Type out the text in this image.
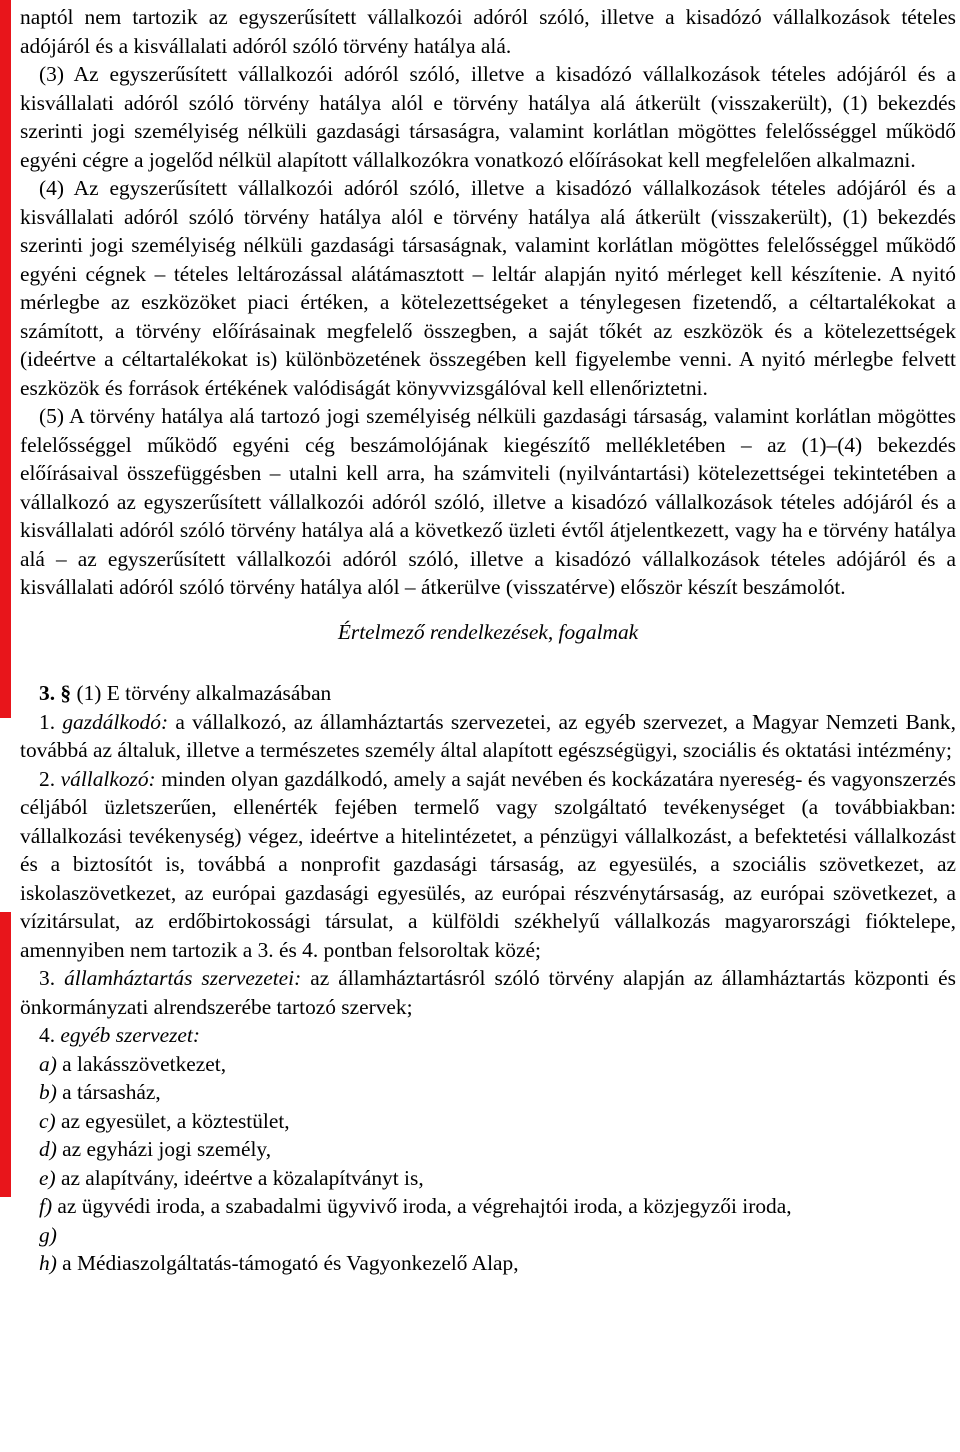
naptól nem tartozik az egyszerűsített vállalkozói adóról szóló, illetve a kisadózó vállalkozások tételes adójáról és a kisvállalati adóról szóló törvény hatálya alá.

(3) Az egyszerűsített vállalkozói adóról szóló, illetve a kisadózó vállalkozások tételes adójáról és a kisvállalati adóról szóló törvény hatálya alól e törvény hatálya alá átkerült (visszakerült), (1) bekezdés szerinti jogi személyiség nélküli gazdasági társaságra, valamint korlátlan mögöttes felelősséggel működő egyéni cégre a jogelőd nélkül alapított vállalkozókra vonatkozó előírásokat kell megfelelően alkalmazni.

(4) Az egyszerűsített vállalkozói adóról szóló, illetve a kisadózó vállalkozások tételes adójáról és a kisvállalati adóról szóló törvény hatálya alól e törvény hatálya alá átkerült (visszakerült), (1) bekezdés szerinti jogi személyiség nélküli gazdasági társaságnak, valamint korlátlan mögöttes felelősséggel működő egyéni cégnek – tételes leltározással alátámasztott – leltár alapján nyitó mérleget kell készítenie. A nyitó mérlegbe az eszközöket piaci értéken, a kötelezettségeket a ténylegesen fizetendő, a céltartalékokat a számított, a törvény előírásainak megfelelő összegben, a saját tőkét az eszközök és a kötelezettségek (ideértve a céltartalékokat is) különbözetének összegében kell figyelembe venni. A nyitó mérlegbe felvett eszközök és források értékének valódiságát könyvvizsgálóval kell ellenőriztetni.

(5) A törvény hatálya alá tartozó jogi személyiség nélküli gazdasági társaság, valamint korlátlan mögöttes felelősséggel működő egyéni cég beszámolójának kiegészítő mellékletében – az (1)–(4) bekezdés előírásaival összefüggésben – utalni kell arra, ha számviteli (nyilvántartási) kötelezettségei tekintetében a vállalkozó az egyszerűsített vállalkozói adóról szóló, illetve a kisadózó vállalkozások tételes adójáról és a kisvállalati adóról szóló törvény hatálya alá a következő üzleti évtől átjelentkezett, vagy ha e törvény hatálya alá – az egyszerűsített vállalkozói adóról szóló, illetve a kisadózó vállalkozások tételes adójáról és a kisvállalati adóról szóló törvény hatálya alól – átkerülve (visszatérve) először készít beszámolót.

Értelmező rendelkezések, fogalmak

3. § (1) E törvény alkalmazásában

1. gazdálkodó: a vállalkozó, az államháztartás szervezetei, az egyéb szervezet, a Magyar Nemzeti Bank, továbbá az általuk, illetve a természetes személy által alapított egészségügyi, szociális és oktatási intézmény;

2. vállalkozó: minden olyan gazdálkodó, amely a saját nevében és kockázatára nyereség- és vagyonszerzés céljából üzletszerűen, ellenérték fejében termelő vagy szolgáltató tevékenységet (a továbbiakban: vállalkozási tevékenység) végez, ideértve a hitelintézetet, a pénzügyi vállalkozást, a befektetési vállalkozást és a biztosítót is, továbbá a nonprofit gazdasági társaság, az egyesülés, a szociális szövetkezet, az iskolaszövetkezet, az európai gazdasági egyesülés, az európai részvénytársaság, az európai szövetkezet, a vízitársulat, az erdőbirtokossági társulat, a külföldi székhelyű vállalkozás magyarországi fióktelepe, amennyiben nem tartozik a 3. és 4. pontban felsoroltak közé;

3. államháztartás szervezetei: az államháztartásról szóló törvény alapján az államháztartás központi és önkormányzati alrendszerébe tartozó szervek;

4. egyéb szervezet:

a) a lakásszövetkezet,

b) a társasház,

c) az egyesület, a köztestület,

d) az egyházi jogi személy,

e) az alapítvány, ideértve a közalapítványt is,

f) az ügyvédi iroda, a szabadalmi ügyvivő iroda, a végrehajtói iroda, a közjegyzői iroda,

g)

h) a Médiaszolgáltatás-támogató és Vagyonkezelő Alap,
